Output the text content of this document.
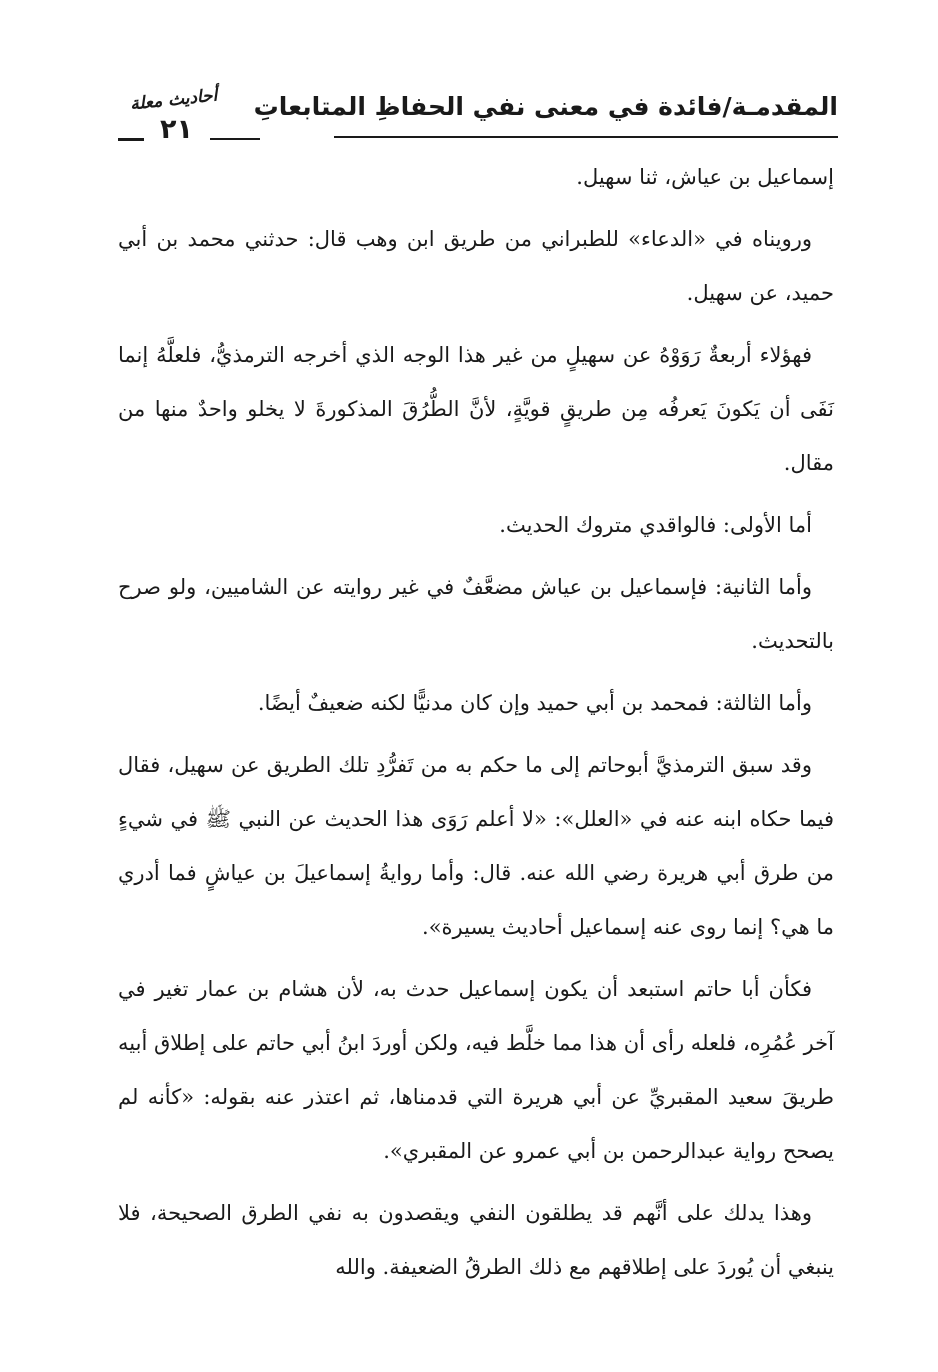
المقدمـة/فائدة في معنى نفي الحفاظِ المتابعاتِ
أحاديث معلة
٢١

إسماعيل بن عياش، ثنا سهيل.

ورويناه في «الدعاء» للطبراني من طريق ابن وهب قال: حدثني محمد بن أبي حميد، عن سهيل.

فهؤلاء أربعةٌ رَوَوْهُ عن سهيلٍ من غير هذا الوجه الذي أخرجه الترمذيُّ، فلعلَّهُ إنما نَفَى أن يَكونَ يَعرفُه مِن طريقٍ قويَّةٍ، لأنَّ الطُّرُقَ المذكورةَ لا يخلو واحدٌ منها من مقال.

أما الأولى: فالواقدي متروك الحديث.

وأما الثانية: فإسماعيل بن عياش مضعَّفٌ في غير روايته عن الشاميين، ولو صرح بالتحديث.

وأما الثالثة: فمحمد بن أبي حميد وإن كان مدنيًّا لكنه ضعيفٌ أيضًا.

وقد سبق الترمذيَّ أبوحاتم إلى ما حكم به من تَفرُّدِ تلك الطريق عن سهيل، فقال فيما حكاه ابنه عنه في «العلل»: «لا أعلم رَوَى هذا الحديث عن النبي ﷺ في شيءٍ من طرق أبي هريرة رضي الله عنه. قال: وأما روايةُ إسماعيلَ بن عياشٍ فما أدري ما هي؟ إنما روى عنه إسماعيل أحاديث يسيرة».

فكأن أبا حاتم استبعد أن يكون إسماعيل حدث به، لأن هشام بن عمار تغير في آخر عُمُرِه، فلعله رأى أن هذا مما خلَّط فيه، ولكن أوردَ ابنُ أبي حاتم على إطلاق أبيه طريقَ سعيد المقبريِّ عن أبي هريرة التي قدمناها، ثم اعتذر عنه بقوله: «كأنه لم يصحح رواية عبدالرحمن بن أبي عمرو عن المقبري».

وهذا يدلك على أنَّهم قد يطلقون النفي ويقصدون به نفي الطرق الصحيحة، فلا ينبغي أن يُوردَ على إطلاقهم مع ذلك الطرقُ الضعيفة. والله
